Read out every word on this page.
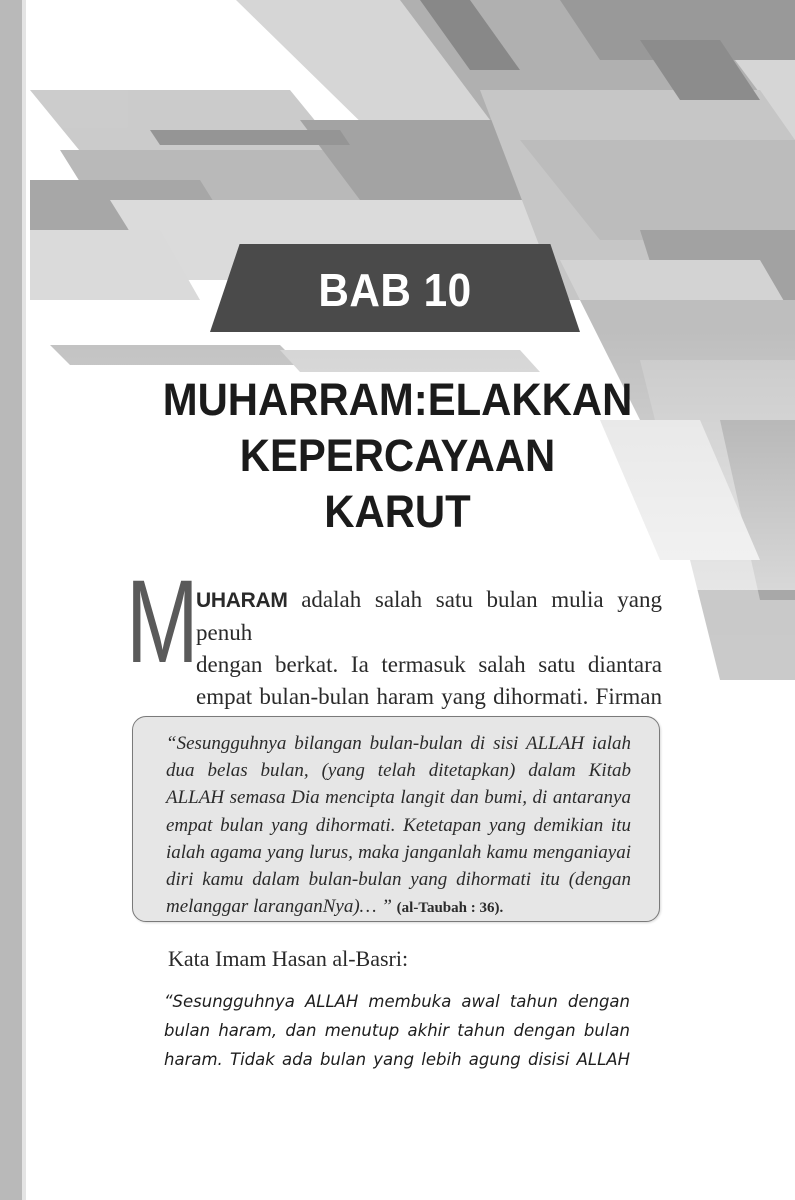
BAB 10
MUHARRAM:ELAKKAN
KEPERCAYAAN
KARUT
M
UHARAM adalah salah satu bulan mulia yang penuh
dengan berkat. Ia termasuk salah satu diantara
empat bulan-bulan haram yang dihormati. Firman
“Sesungguhnya bilangan bulan-bulan di sisi ALLAH ialah
dua belas bulan, (yang telah ditetapkan) dalam Kitab
ALLAH semasa Dia mencipta langit dan bumi, di antaranya
empat bulan yang dihormati. Ketetapan yang demikian itu
ialah agama yang lurus, maka janganlah kamu menganiayai
diri kamu dalam bulan-bulan yang dihormati itu (dengan
melanggar laranganNya)… ” (al-Taubah : 36).
Kata Imam Hasan al-Basri:
“Sesungguhnya ALLAH membuka awal tahun dengan
bulan haram, dan menutup akhir tahun dengan bulan
haram. Tidak ada bulan yang lebih agung disisi ALLAH
